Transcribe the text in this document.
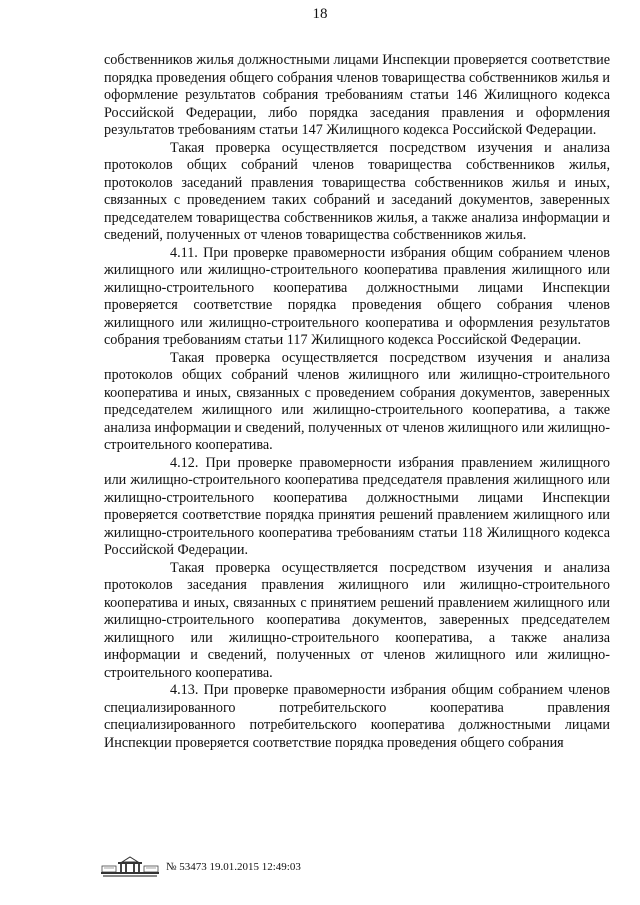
18

собственников жилья должностными лицами Инспекции проверяется соответствие порядка проведения общего собрания членов товарищества собственников жилья и оформление результатов собрания требованиям статьи 146 Жилищного кодекса Российской Федерации, либо порядка заседания правления и оформления результатов требованиям статьи 147 Жилищного кодекса Российской Федерации.

Такая проверка осуществляется посредством изучения и анализа протоколов общих собраний членов товарищества собственников жилья, протоколов заседаний правления товарищества собственников жилья и иных, связанных с проведением таких собраний и заседаний документов, заверенных председателем товарищества собственников жилья, а также анализа информации и сведений, полученных от членов товарищества собственников жилья.

4.11. При проверке правомерности избрания общим собранием членов жилищного или жилищно-строительного кооператива правления жилищного или жилищно-строительного кооператива должностными лицами Инспекции проверяется соответствие порядка проведения общего собрания членов жилищного или жилищно-строительного кооператива и оформления результатов собрания требованиям статьи 117 Жилищного кодекса Российской Федерации.

Такая проверка осуществляется посредством изучения и анализа протоколов общих собраний членов жилищного или жилищно-строительного кооператива и иных, связанных с проведением собрания документов, заверенных председателем жилищного или жилищно-строительного кооператива, а также анализа информации и сведений, полученных от членов жилищного или жилищно-строительного кооператива.

4.12. При проверке правомерности избрания правлением жилищного или жилищно-строительного кооператива председателя правления жилищного или жилищно-строительного кооператива должностными лицами Инспекции проверяется соответствие порядка принятия решений правлением жилищного или жилищно-строительного кооператива требованиям статьи 118 Жилищного кодекса Российской Федерации.

Такая проверка осуществляется посредством изучения и анализа протоколов заседания правления жилищного или жилищно-строительного кооператива и иных, связанных с принятием решений правлением жилищного или жилищно-строительного кооператива документов, заверенных председателем жилищного или жилищно-строительного кооператива, а также анализа информации и сведений, полученных от членов жилищного или жилищно-строительного кооператива.

4.13. При проверке правомерности избрания общим собранием членов специализированного потребительского кооператива правления специализированного потребительского кооператива должностными лицами Инспекции проверяется соответствие порядка проведения общего собрания

№ 53473 19.01.2015 12:49:03
